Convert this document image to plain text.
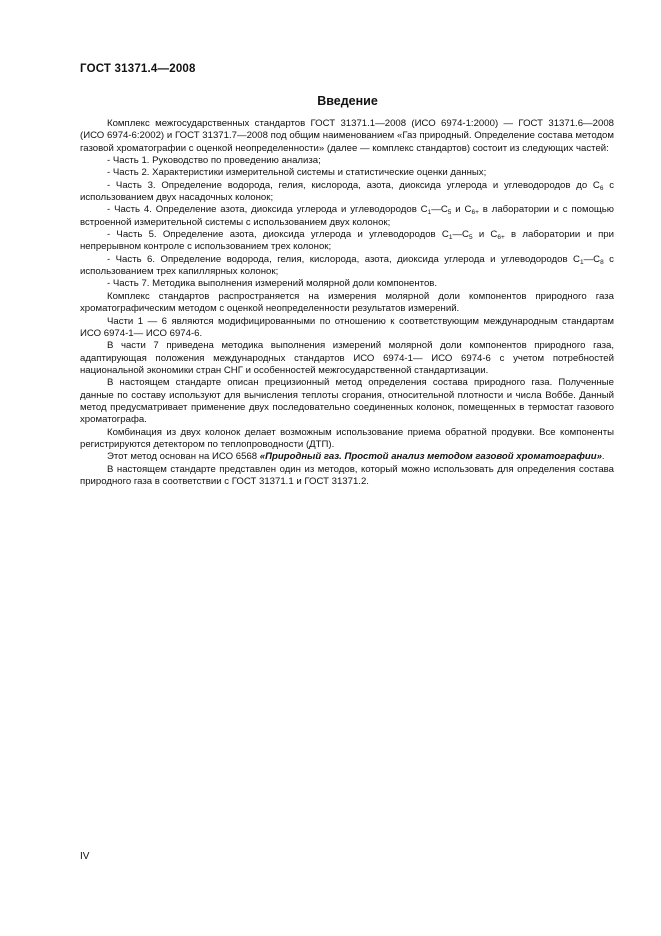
ГОСТ 31371.4—2008
Введение

Комплекс межгосударственных стандартов ГОСТ 31371.1—2008 (ИСО 6974-1:2000) — ГОСТ 31371.6—2008 (ИСО 6974-6:2002) и ГОСТ 31371.7—2008 под общим наименованием «Газ природный. Определение состава методом газовой хроматографии с оценкой неопределенности» (далее — комплекс стандартов) состоит из следующих частей:

- Часть 1. Руководство по проведению анализа;

- Часть 2. Характеристики измерительной системы и статистические оценки данных;

- Часть 3. Определение водорода, гелия, кислорода, азота, диоксида углерода и углеводородов до $C_6$ с использованием двух насадочных колонок;

- Часть 4. Определение азота, диоксида углерода и углеводородов $C_1—C_5$ и $C_{6+}$ в лаборатории и с помощью встроенной измерительной системы с использованием двух колонок;

- Часть 5. Определение азота, диоксида углерода и углеводородов $C_1—C_5$ и $C_{6+}$ в лаборатории и при непрерывном контроле с использованием трех колонок;

- Часть 6. Определение водорода, гелия, кислорода, азота, диоксида углерода и углеводородов $C_1—C_8$ с использованием трех капиллярных колонок;

- Часть 7. Методика выполнения измерений молярной доли компонентов.

Комплекс стандартов распространяется на измерения молярной доли компонентов природного газа хроматографическим методом с оценкой неопределенности результатов измерений.

Части 1 — 6 являются модифицированными по отношению к соответствующим международным стандартам ИСО 6974-1— ИСО 6974-6.

В части 7 приведена методика выполнения измерений молярной доли компонентов природного газа, адаптирующая положения международных стандартов ИСО 6974-1— ИСО 6974-6 с учетом потребностей национальной экономики стран СНГ и особенностей межгосударственной стандартизации.

В настоящем стандарте описан прецизионный метод определения состава природного газа. Полученные данные по составу используют для вычисления теплоты сгорания, относительной плотности и числа Воббе. Данный метод предусматривает применение двух последовательно соединенных колонок, помещенных в термостат газового хроматографа.

Комбинация из двух колонок делает возможным использование приема обратной продувки. Все компоненты регистрируются детектором по теплопроводности (ДТП).

Этот метод основан на ИСО 6568 «Природный газ. Простой анализ методом газовой хроматографии».

В настоящем стандарте представлен один из методов, который можно использовать для определения состава природного газа в соответствии с ГОСТ 31371.1 и ГОСТ 31371.2.

IV
